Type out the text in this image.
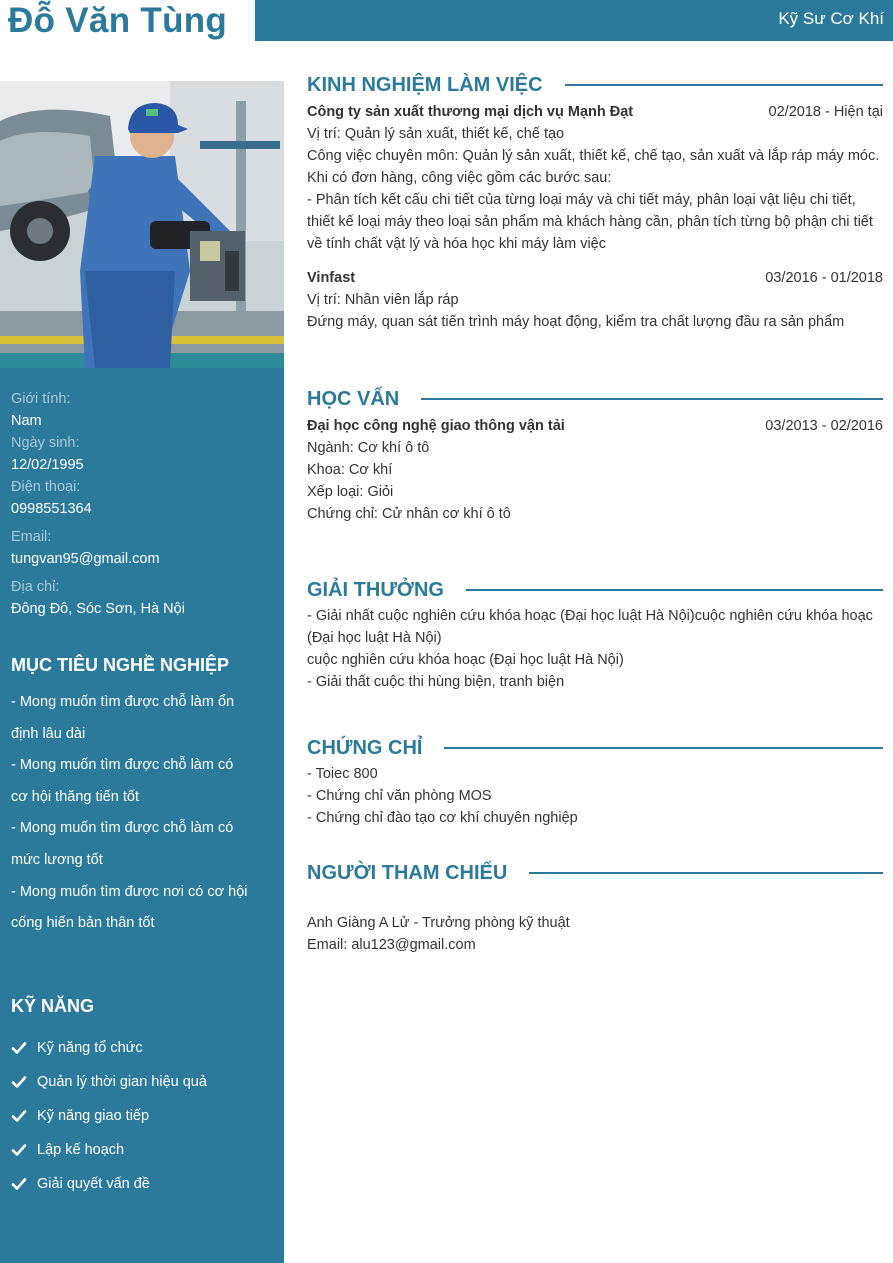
Đỗ Văn Tùng	Kỹ Sư Cơ Khí
Giới tính:
Nam
Ngày sinh:
12/02/1995
Điện thoại:
0998551364
Email:
tungvan95@gmail.com
Địa chỉ:
Đông Đô, Sóc Sơn, Hà Nội
MỤC TIÊU NGHỀ NGHIỆP
- Mong muốn tìm được chỗ làm ổn
định lâu dài
- Mong muốn tìm được chỗ làm có
cơ hội thăng tiến tốt
- Mong muốn tìm được chỗ làm có
mức lương tốt
- Mong muốn tìm được nơi có cơ hội
cống hiến bản thân tốt
KỸ NĂNG
Kỹ năng tổ chức
Quản lý thời gian hiệu quả
Kỹ năng giao tiếp
Lập kế hoạch
Giải quyết vấn đề
KINH NGHIỆM LÀM VIỆC
Công ty sản xuất thương mại dịch vụ Mạnh Đạt	02/2018 - Hiện tại
Vị trí: Quản lý sản xuất, thiết kế, chế tạo
Công việc chuyên môn: Quản lý sản xuất, thiết kế, chế tạo, sản xuất và lắp ráp máy móc.
Khi có đơn hàng, công việc gồm các bước sau:
- Phân tích kết cấu chi tiết của từng loại máy và chi tiết máy, phân loại vật liệu chi tiết, thiết kế loại máy theo loại sản phẩm mà khách hàng cần, phân tích từng bộ phận chi tiết về tính chất vật lý và hóa học khi máy làm việc
Vinfast	03/2016 - 01/2018
Vị trí: Nhân viên lắp ráp
Đứng máy, quan sát tiến trình máy hoạt động, kiểm tra chất lượng đầu ra sản phẩm
HỌC VẤN
Đại học công nghệ giao thông vận tải	03/2013 - 02/2016
Ngành: Cơ khí ô tô
Khoa: Cơ khí
Xếp loại: Giỏi
Chứng chỉ: Cử nhân cơ khí ô tô
GIẢI THƯỞNG
- Giải nhất cuộc nghiên cứu khóa hoạc (Đại học luật Hà Nội)cuộc nghiên cứu khóa hoạc (Đại học luật Hà Nội)
cuộc nghiên cứu khóa hoạc (Đại học luật Hà Nội)
- Giải thất cuộc thi hùng biện, tranh biện
CHỨNG CHỈ
- Toiec 800
- Chứng chỉ văn phòng MOS
- Chứng chỉ đào tạo cơ khí chuyên nghiệp
NGƯỜI THAM CHIẾU
Anh Giàng A Lử - Trưởng phòng kỹ thuật
Email: alu123@gmail.com
